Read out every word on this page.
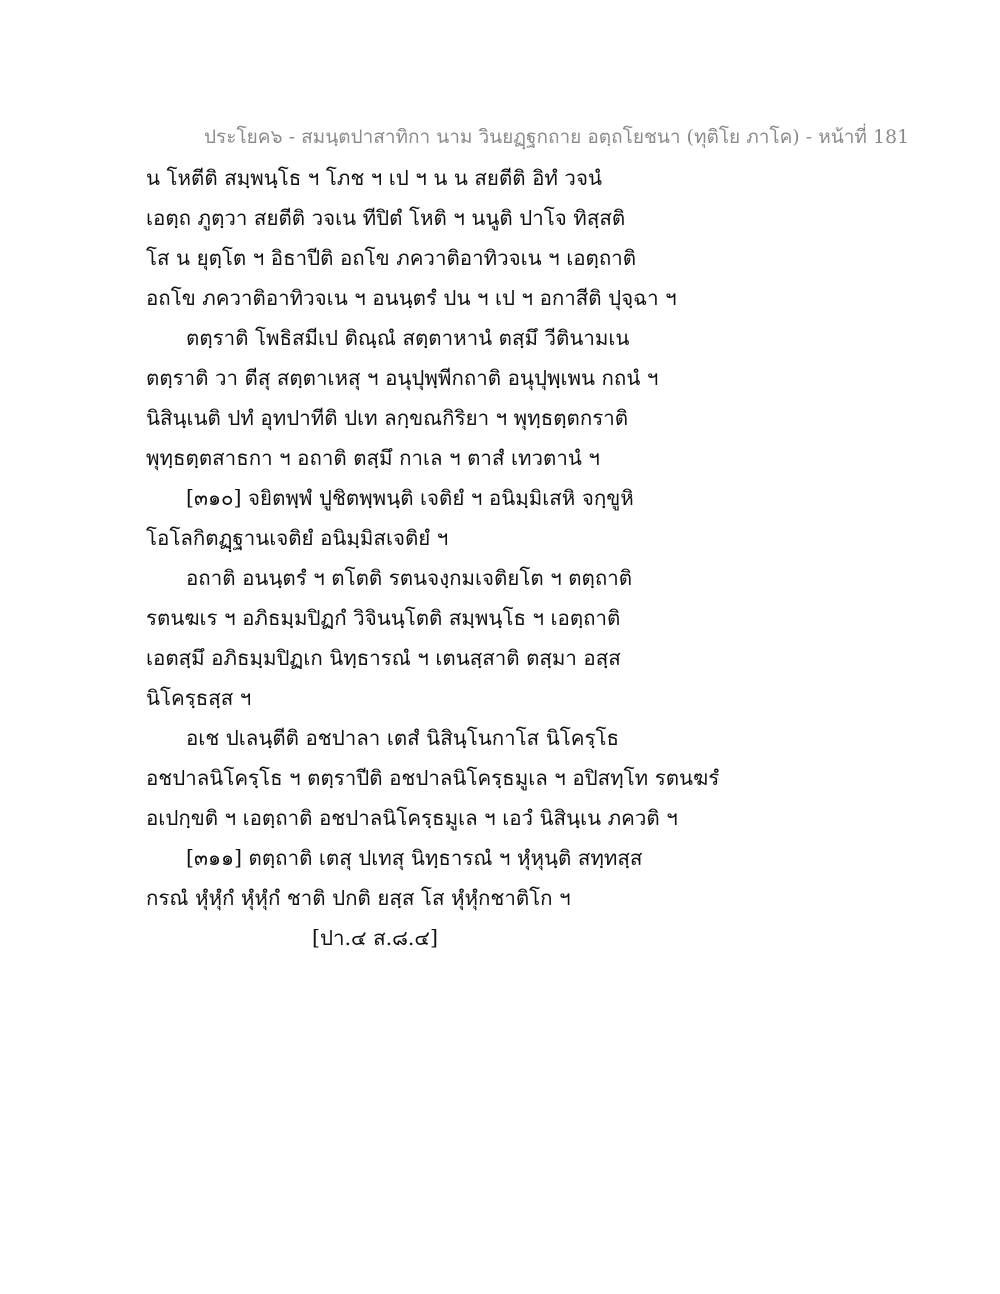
ประโยค๖ - สมนฺตปาสาทิกา นาม วินยฏฺฐกถาย อตฺถโยชนา (ทุติโย ภาโค) - หน้าที่ 181
น โหตีติ สมฺพนฺโธ ฯ โภช ฯ เป ฯ น น สยตีติ อิทํ วจนํ
เอตฺถ ภูตฺวา สยตีติ วจเน ทีปิตํ โหติ ฯ นนูติ ปาโจ ทิสฺสติ
โส น ยุตฺโต ฯ อิธาปีติ อถโข ภควาติอาทิวจเน ฯ เอตฺถาติ
อถโข ภควาติอาทิวจเน ฯ อนนฺตรํ ปน ฯ เป ฯ อกาสีติ ปุจฺฉา ฯ
ตตฺราติ โพธิสมีเป ติณฺณํ สตฺตาหานํ ตสฺมึ วีตินามเน
ตตฺราติ วา ตีสุ สตฺตาเหสุ ฯ อนุปุพฺพีกถาติ อนุปุพฺเพน กถนํ ฯ
นิสินฺเนติ ปทํ อุทปาทีติ ปเท ลกฺขณกิริยา ฯ พุทฺธตฺตกราติ
พุทฺธตฺตสาธกา ฯ อถาติ ตสฺมึ กาเล ฯ ตาสํ เทวตานํ ฯ
[๓๑๐] จยิตพฺพํ ปูชิตพฺพนฺติ เจติยํ ฯ อนิมฺมิเสหิ จกฺขูหิ
โอโลกิตฏฺฐานเจติยํ อนิมฺมิสเจติยํ ฯ
อถาติ อนนฺตรํ ฯ ตโตติ รตนจงฺกมเจติยโต ฯ ตตฺถาติ
รตนฆเร ฯ อภิธมฺมปิฏกํ วิจินนฺโตติ สมฺพนฺโธ ฯ เอตฺถาติ
เอตสฺมึ อภิธมฺมปิฏเก นิทฺธารณํ ฯ เตนสฺสาติ ตสฺมา อสฺส
นิโครฺธสฺส ฯ
อเช ปเลนฺตีติ อชปาลา เตสํ นิสินฺโนกาโส นิโครฺโธ
อชปาลนิโครฺโธ ฯ ตตฺราปีติ อชปาลนิโครฺธมูเล ฯ อปิสทฺโท รตนฆรํ
อเปกฺขติ ฯ เอตฺถาติ อชปาลนิโครฺธมูเล ฯ เอวํ นิสินฺเน ภควติ ฯ
[๓๑๑] ตตฺถาติ เตสุ ปเทสุ นิทฺธารณํ ฯ หุํหุนฺติ สทฺทสฺส
กรณํ หุํหุํกํ หุํหุํกํ ชาติ ปกติ ยสฺส โส หุํหุํกชาติโก ฯ
[ปา.๔ ส.๘.๔]
